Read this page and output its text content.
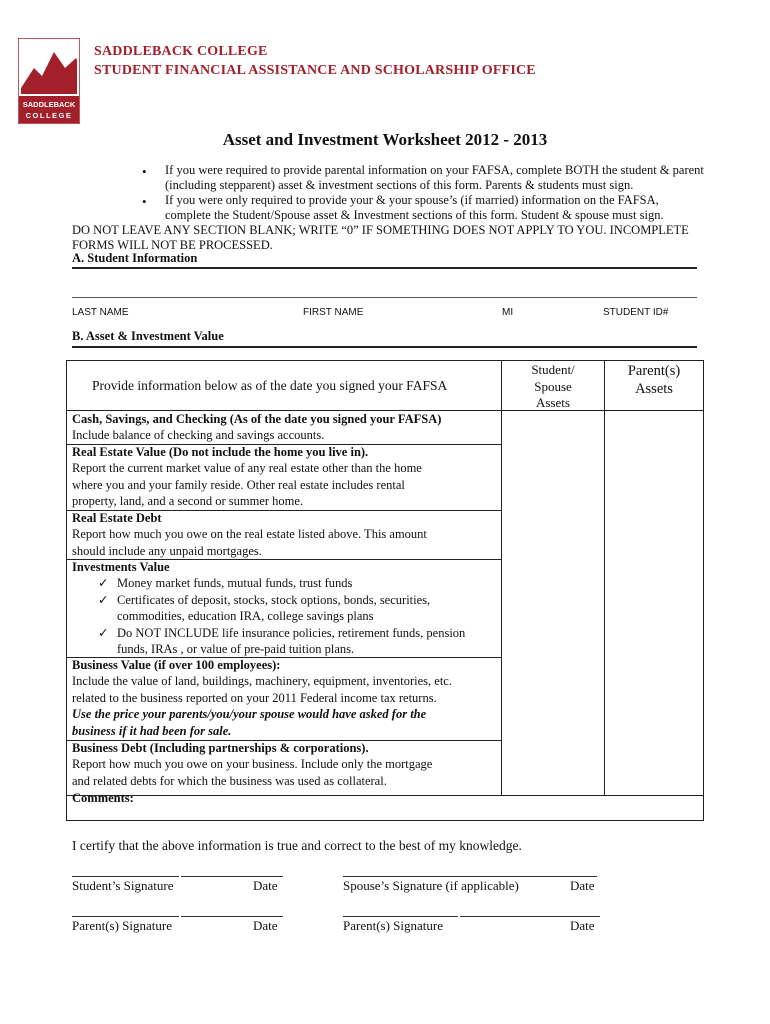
SADDLEBACK
COLLEGE
SADDLEBACK COLLEGE
STUDENT FINANCIAL ASSISTANCE AND SCHOLARSHIP OFFICE
Asset and Investment Worksheet 2012 - 2013
• If you were required to provide parental information on your FAFSA, complete BOTH the student & parent (including stepparent) asset & investment sections of this form. Parents & students must sign.
• If you were only required to provide your & your spouse’s (if married) information on the FAFSA, complete the Student/Spouse asset & Investment sections of this form. Student & spouse must sign.
DO NOT LEAVE ANY SECTION BLANK; WRITE “0” IF SOMETHING DOES NOT APPLY TO YOU. INCOMPLETE FORMS WILL NOT BE PROCESSED.
A. Student Information
LAST NAME	FIRST NAME	MI	STUDENT ID#
B. Asset & Investment Value
Provide information below as of the date you signed your FAFSA
Student/
Spouse
Assets
Parent(s)
Assets
Cash, Savings, and Checking (As of the date you signed your FAFSA)
Include balance of checking and savings accounts.
Real Estate Value (Do not include the home you live in).
Report the current market value of any real estate other than the home
where you and your family reside. Other real estate includes rental
property, land, and a second or summer home.
Real Estate Debt
Report how much you owe on the real estate listed above. This amount
should include any unpaid mortgages.
Investments Value
✓ Money market funds, mutual funds, trust funds
✓ Certificates of deposit, stocks, stock options, bonds, securities, commodities, education IRA, college savings plans
✓ Do NOT INCLUDE life insurance policies, retirement funds, pension funds, IRAs , or value of pre-paid tuition plans.
Business Value (if over 100 employees):
Include the value of land, buildings, machinery, equipment, inventories, etc.
related to the business reported on your 2011 Federal income tax returns.
Use the price your parents/you/your spouse would have asked for the
business if it had been for sale.
Business Debt (Including partnerships & corporations).
Report how much you owe on your business. Include only the mortgage
and related debts for which the business was used as collateral.
Comments:
I certify that the above information is true and correct to the best of my knowledge.
Student’s Signature	Date	Spouse’s Signature (if applicable)	Date
Parent(s) Signature	Date	Parent(s) Signature	Date
